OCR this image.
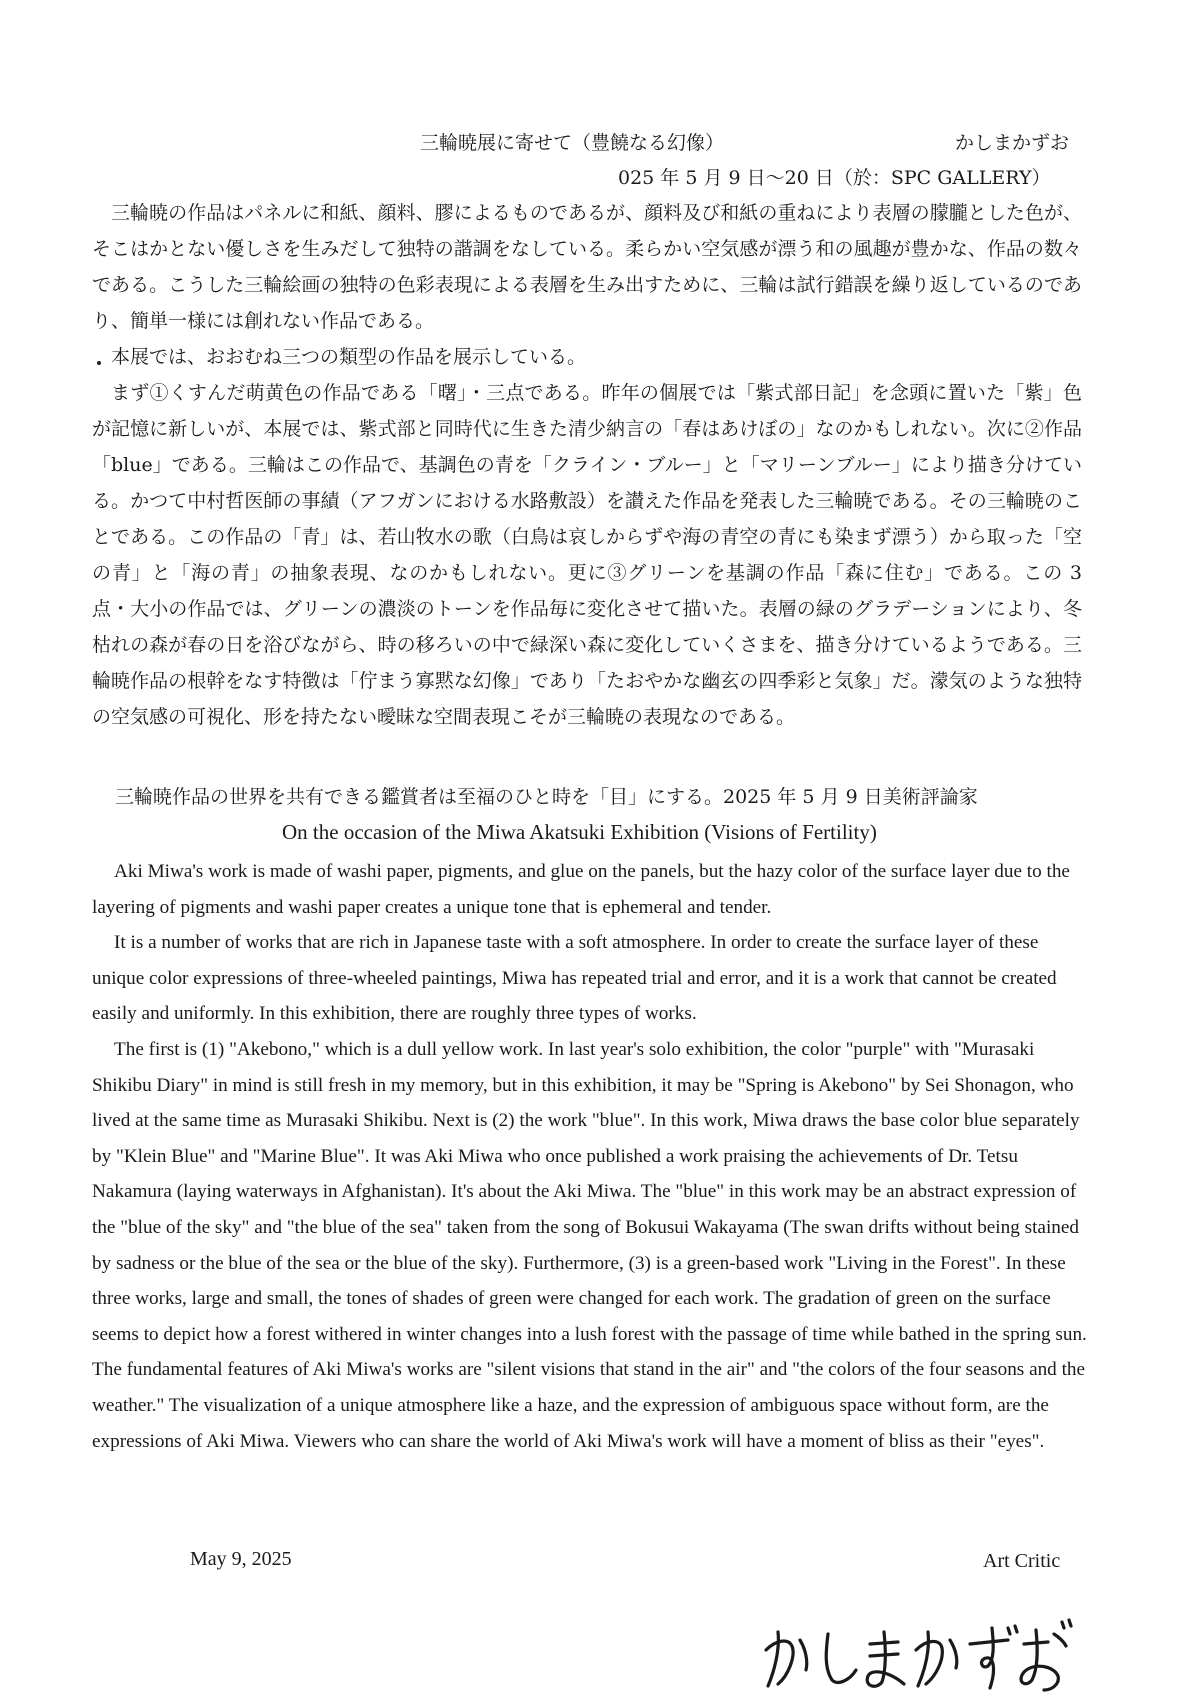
三輪暁展に寄せて（豊饒なる幻像）	かしまかずお
025 年 5 月 9 日〜20 日（於：SPC GALLERY）

三輪暁の作品はパネルに和紙、顔料、膠によるものであるが、顔料及び和紙の重ねにより表層の朦朧とした色が、そこはかとない優しさを生みだして独特の諧調をなしている。柔らかい空気感が漂う和の風趣が豊かな、作品の数々である。こうした三輪絵画の独特の色彩表現による表層を生み出すために、三輪は試行錯誤を繰り返しているのであり、簡単一様には創れない作品である。

本展では、おおむね三つの類型の作品を展示している。

まず①くすんだ萌黄色の作品である「曙」・三点である。昨年の個展では「紫式部日記」を念頭に置いた「紫」色が記憶に新しいが、本展では、紫式部と同時代に生きた清少納言の「春はあけぼの」なのかもしれない。次に②作品「blue」である。三輪はこの作品で、基調色の青を「クライン・ブルー」と「マリーンブルー」により描き分けている。かつて中村哲医師の事績（アフガンにおける水路敷設）を讃えた作品を発表した三輪暁である。その三輪暁のことである。この作品の「青」は、若山牧水の歌（白鳥は哀しからずや海の青空の青にも染まず漂う）から取った「空の青」と「海の青」の抽象表現、なのかもしれない。更に③グリーンを基調の作品「森に住む」である。この 3 点・大小の作品では、グリーンの濃淡のトーンを作品毎に変化させて描いた。表層の緑のグラデーションにより、冬枯れの森が春の日を浴びながら、時の移ろいの中で緑深い森に変化していくさまを、描き分けているようである。三輪暁作品の根幹をなす特徴は「佇まう寡黙な幻像」であり「たおやかな幽玄の四季彩と気象」だ。濛気のような独特の空気感の可視化、形を持たない曖昧な空間表現こそが三輪暁の表現なのである。

三輪暁作品の世界を共有できる鑑賞者は至福のひと時を「目」にする。2025 年 5 月 9 日美術評論家
On the occasion of the Miwa Akatsuki Exhibition (Visions of Fertility)

Aki Miwa's work is made of washi paper, pigments, and glue on the panels, but the hazy color of the surface layer due to the layering of pigments and washi paper creates a unique tone that is ephemeral and tender.

It is a number of works that are rich in Japanese taste with a soft atmosphere. In order to create the surface layer of these unique color expressions of three-wheeled paintings, Miwa has repeated trial and error, and it is a work that cannot be created easily and uniformly. In this exhibition, there are roughly three types of works.

The first is (1) "Akebono," which is a dull yellow work. In last year's solo exhibition, the color "purple" with "Murasaki Shikibu Diary" in mind is still fresh in my memory, but in this exhibition, it may be "Spring is Akebono" by Sei Shonagon, who lived at the same time as Murasaki Shikibu. Next is (2) the work "blue". In this work, Miwa draws the base color blue separately by "Klein Blue" and "Marine Blue". It was Aki Miwa who once published a work praising the achievements of Dr. Tetsu Nakamura (laying waterways in Afghanistan). It's about the Aki Miwa. The "blue" in this work may be an abstract expression of the "blue of the sky" and "the blue of the sea" taken from the song of Bokusui Wakayama (The swan drifts without being stained by sadness or the blue of the sea or the blue of the sky). Furthermore, (3) is a green-based work "Living in the Forest". In these three works, large and small, the tones of shades of green were changed for each work. The gradation of green on the surface seems to depict how a forest withered in winter changes into a lush forest with the passage of time while bathed in the spring sun. The fundamental features of Aki Miwa's works are "silent visions that stand in the air" and "the colors of the four seasons and the weather." The visualization of a unique atmosphere like a haze, and the expression of ambiguous space without form, are the expressions of Aki Miwa. Viewers who can share the world of Aki Miwa's work will have a moment of bliss as their "eyes".

May 9, 2025	Art Critic
